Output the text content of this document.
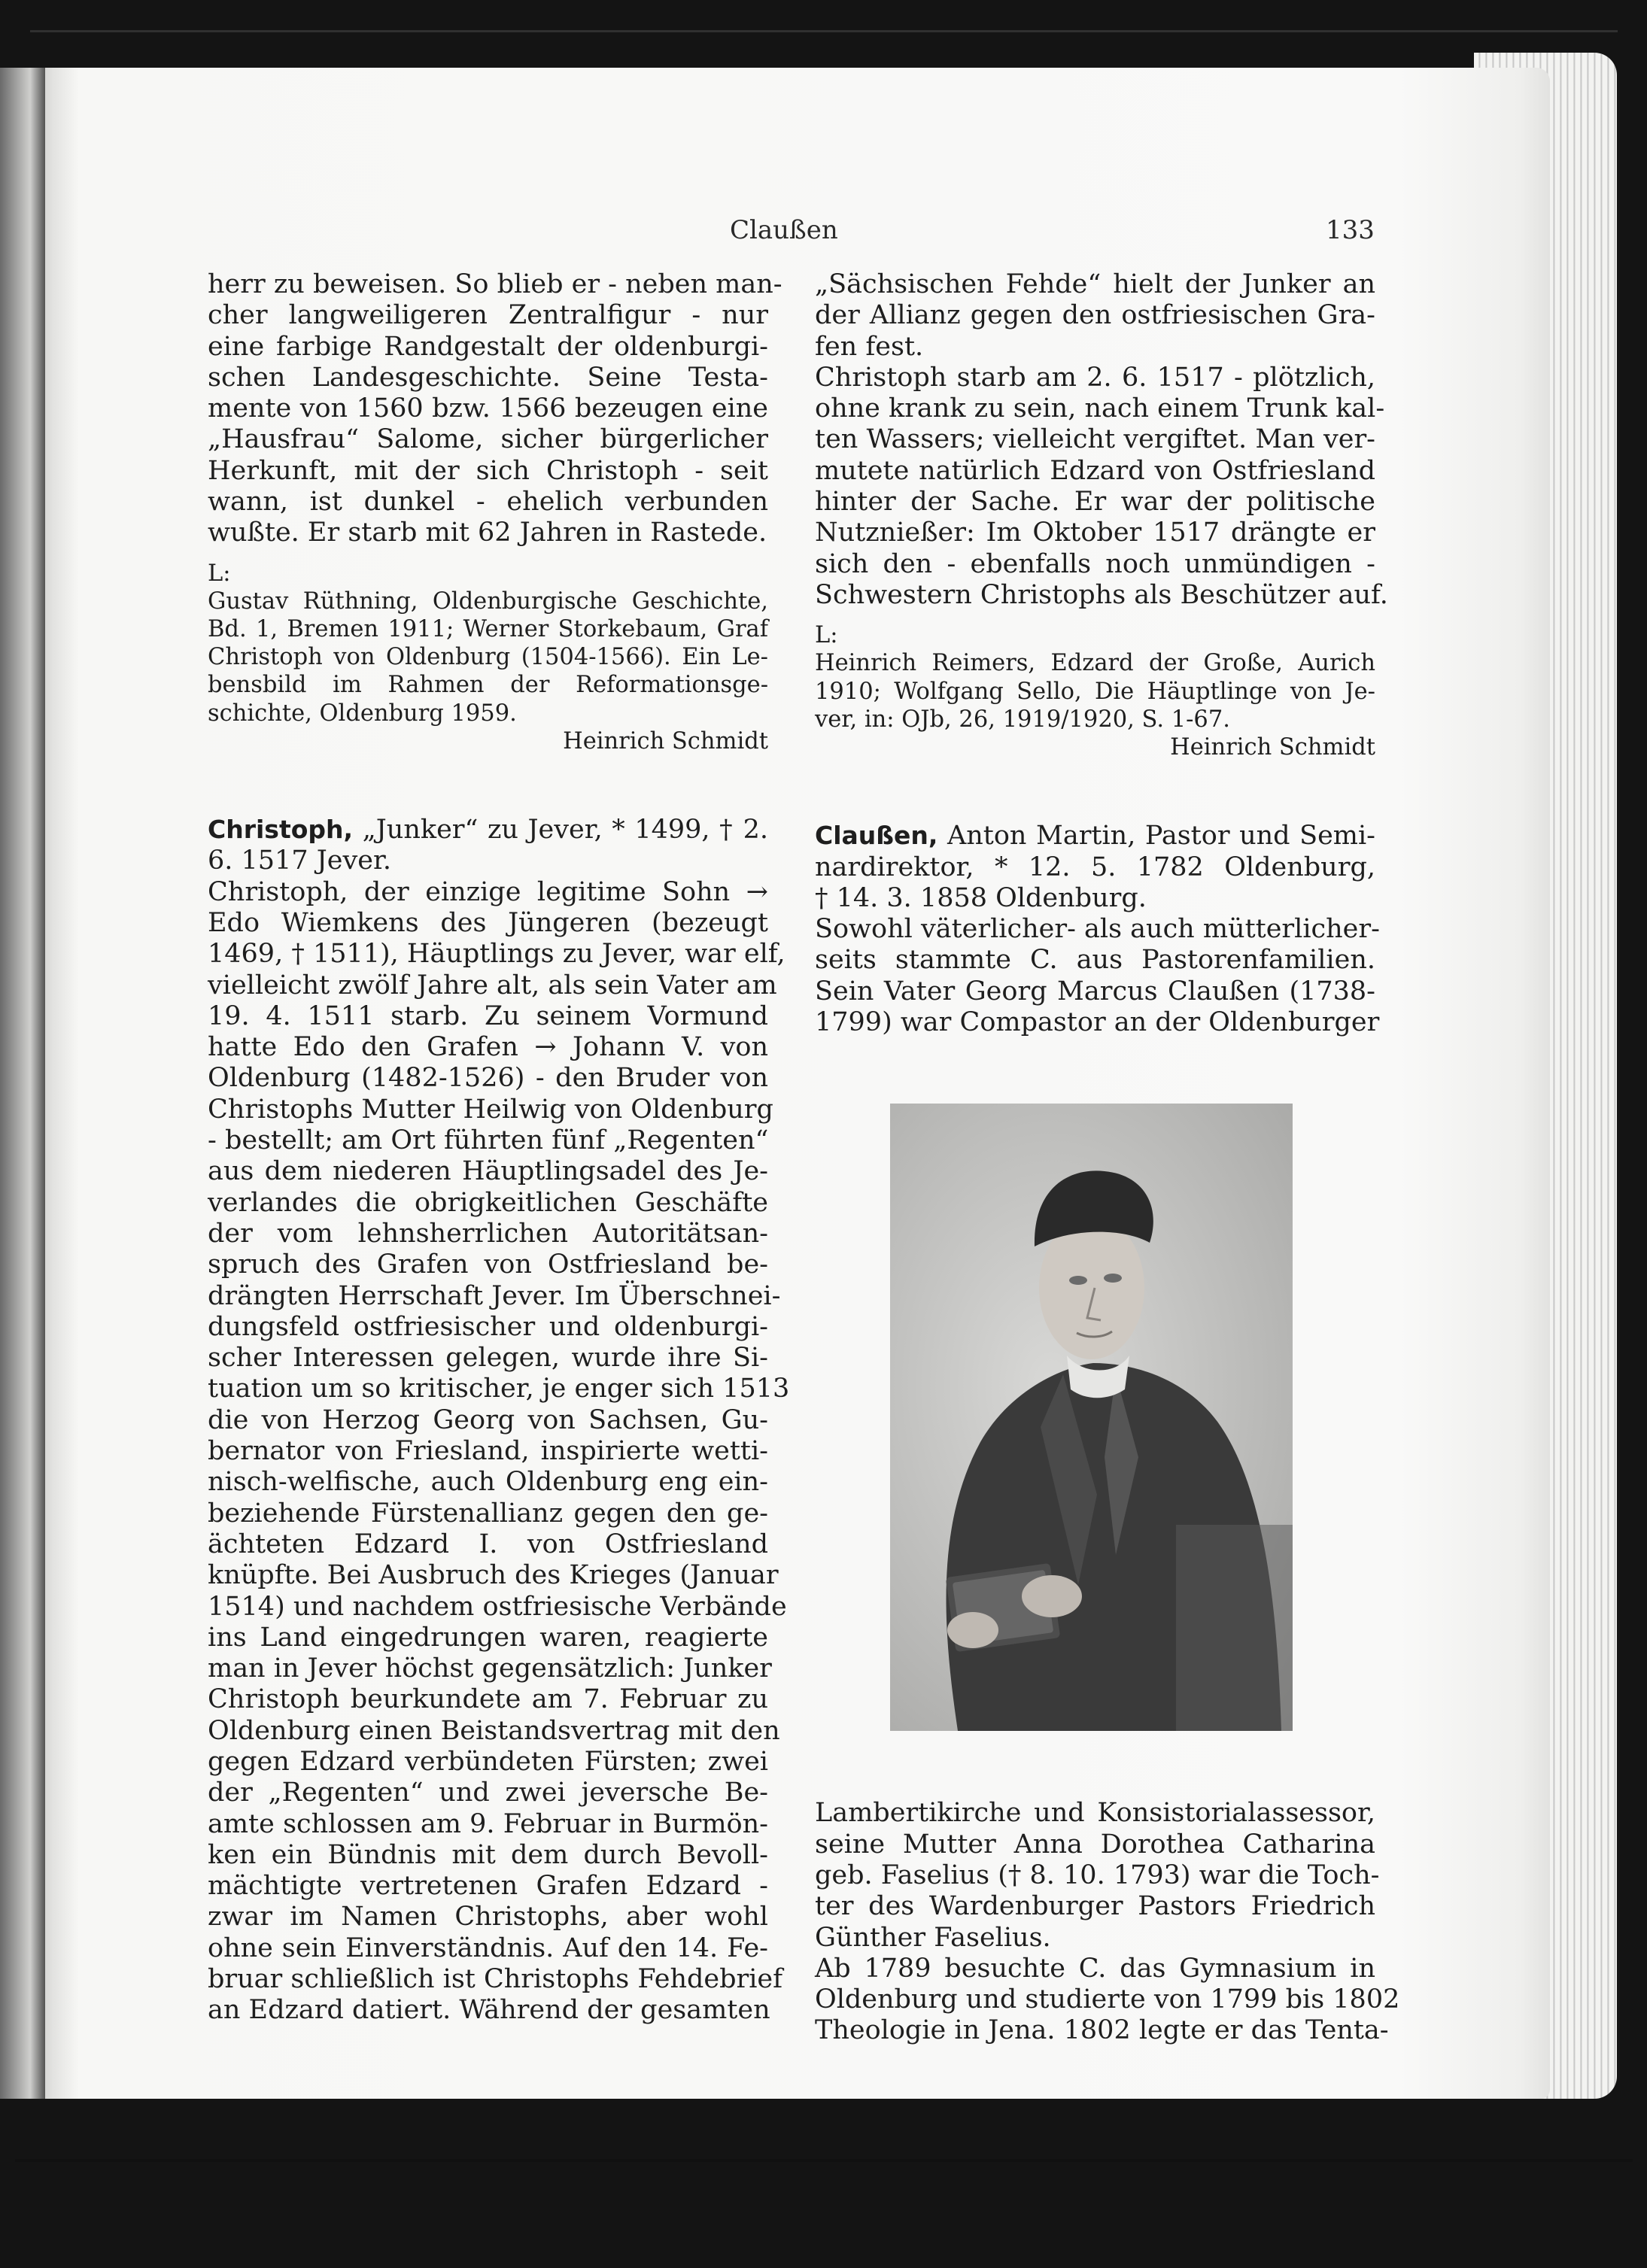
Claußen	133
herr zu beweisen. So blieb er - neben man-
cher langweiligeren Zentralfigur - nur
eine farbige Randgestalt der oldenburgi-
schen Landesgeschichte. Seine Testa-
mente von 1560 bzw. 1566 bezeugen eine
„Hausfrau“ Salome, sicher bürgerlicher
Herkunft, mit der sich Christoph - seit
wann, ist dunkel - ehelich verbunden
wußte. Er starb mit 62 Jahren in Rastede.
L:
Gustav Rüthning, Oldenburgische Geschichte,
Bd. 1, Bremen 1911; Werner Storkebaum, Graf
Christoph von Oldenburg (1504-1566). Ein Le-
bensbild im Rahmen der Reformationsge-
schichte, Oldenburg 1959.
Heinrich Schmidt
Christoph, „Junker“ zu Jever, * 1499, † 2.
6. 1517 Jever.
Christoph, der einzige legitime Sohn →
Edo Wiemkens des Jüngeren (bezeugt
1469, † 1511), Häuptlings zu Jever, war elf,
vielleicht zwölf Jahre alt, als sein Vater am
19. 4. 1511 starb. Zu seinem Vormund
hatte Edo den Grafen → Johann V. von
Oldenburg (1482-1526) - den Bruder von
Christophs Mutter Heilwig von Oldenburg
- bestellt; am Ort führten fünf „Regenten“
aus dem niederen Häuptlingsadel des Je-
verlandes die obrigkeitlichen Geschäfte
der vom lehnsherrlichen Autoritätsan-
spruch des Grafen von Ostfriesland be-
drängten Herrschaft Jever. Im Überschnei-
dungsfeld ostfriesischer und oldenburgi-
scher Interessen gelegen, wurde ihre Si-
tuation um so kritischer, je enger sich 1513
die von Herzog Georg von Sachsen, Gu-
bernator von Friesland, inspirierte wetti-
nisch-welfische, auch Oldenburg eng ein-
beziehende Fürstenallianz gegen den ge-
ächteten Edzard I. von Ostfriesland
knüpfte. Bei Ausbruch des Krieges (Januar
1514) und nachdem ostfriesische Verbände
ins Land eingedrungen waren, reagierte
man in Jever höchst gegensätzlich: Junker
Christoph beurkundete am 7. Februar zu
Oldenburg einen Beistandsvertrag mit den
gegen Edzard verbündeten Fürsten; zwei
der „Regenten“ und zwei jeversche Be-
amte schlossen am 9. Februar in Burmön-
ken ein Bündnis mit dem durch Bevoll-
mächtigte vertretenen Grafen Edzard -
zwar im Namen Christophs, aber wohl
ohne sein Einverständnis. Auf den 14. Fe-
bruar schließlich ist Christophs Fehdebrief
an Edzard datiert. Während der gesamten
„Sächsischen Fehde“ hielt der Junker an
der Allianz gegen den ostfriesischen Gra-
fen fest.
Christoph starb am 2. 6. 1517 - plötzlich,
ohne krank zu sein, nach einem Trunk kal-
ten Wassers; vielleicht vergiftet. Man ver-
mutete natürlich Edzard von Ostfriesland
hinter der Sache. Er war der politische
Nutznießer: Im Oktober 1517 drängte er
sich den - ebenfalls noch unmündigen -
Schwestern Christophs als Beschützer auf.
L:
Heinrich Reimers, Edzard der Große, Aurich
1910; Wolfgang Sello, Die Häuptlinge von Je-
ver, in: OJb, 26, 1919/1920, S. 1-67.
Heinrich Schmidt
Claußen, Anton Martin, Pastor und Semi-
nardirektor, * 12. 5. 1782 Oldenburg,
† 14. 3. 1858 Oldenburg.
Sowohl väterlicher- als auch mütterlicher-
seits stammte C. aus Pastorenfamilien.
Sein Vater Georg Marcus Claußen (1738-
1799) war Compastor an der Oldenburger
Lambertikirche und Konsistorialassessor,
seine Mutter Anna Dorothea Catharina
geb. Faselius († 8. 10. 1793) war die Toch-
ter des Wardenburger Pastors Friedrich
Günther Faselius.
Ab 1789 besuchte C. das Gymnasium in
Oldenburg und studierte von 1799 bis 1802
Theologie in Jena. 1802 legte er das Tenta-
